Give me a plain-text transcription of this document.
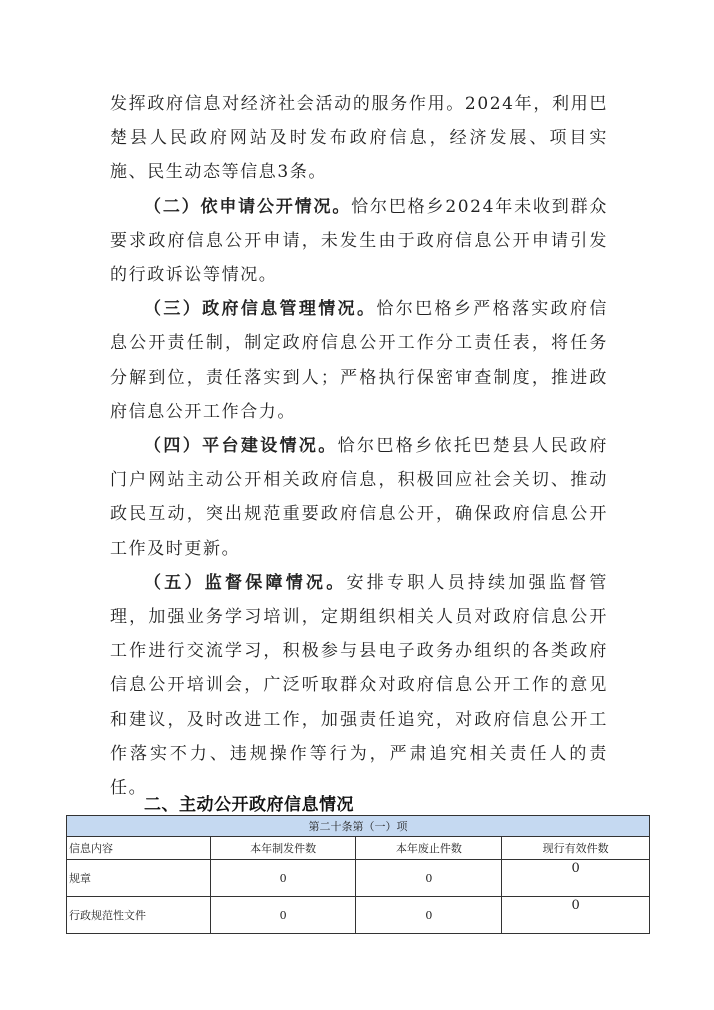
发挥政府信息对经济社会活动的服务作用。2024年，利用巴楚县人民政府网站及时发布政府信息，经济发展、项目实施、民生动态等信息3条。

（二）依申请公开情况。恰尔巴格乡2024年未收到群众要求政府信息公开申请，未发生由于政府信息公开申请引发的行政诉讼等情况。

（三）政府信息管理情况。恰尔巴格乡严格落实政府信息公开责任制，制定政府信息公开工作分工责任表，将任务分解到位，责任落实到人；严格执行保密审查制度，推进政府信息公开工作合力。

（四）平台建设情况。恰尔巴格乡依托巴楚县人民政府门户网站主动公开相关政府信息，积极回应社会关切、推动政民互动，突出规范重要政府信息公开，确保政府信息公开工作及时更新。

（五）监督保障情况。安排专职人员持续加强监督管理，加强业务学习培训，定期组织相关人员对政府信息公开工作进行交流学习，积极参与县电子政务办组织的各类政府信息公开培训会，广泛听取群众对政府信息公开工作的意见和建议，及时改进工作，加强责任追究，对政府信息公开工作落实不力、违规操作等行为，严肃追究相关责任人的责任。

二、主动公开政府信息情况
第二十条第（一）项			
信息内容	本年制发件数	本年废止件数	现行有效件数
规章	0	0	0
行政规范性文件	0	0	0
